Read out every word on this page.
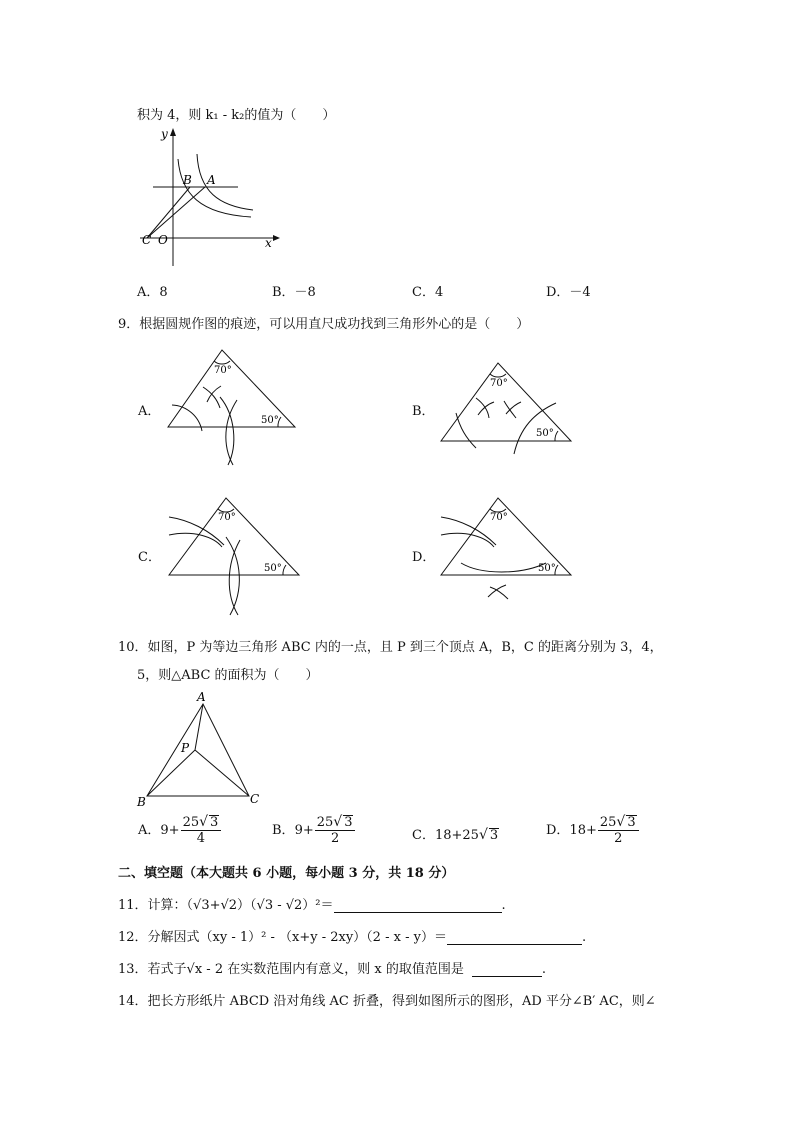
积为 4，则 k₁ - k₂的值为（　　）
y
x
O
C
B A
A．8	B．－8	C．4	D．－4
9．根据圆规作图的痕迹，可以用直尺成功找到三角形外心的是（　　）
A．
70°
50°
B．
70°
50°
C．
70°
50°
D．
70°
50°
10．如图，P 为等边三角形 ABC 内的一点，且 P 到三个顶点 A，B，C 的距离分别为 3，4，
5，则△ABC 的面积为（　　）
A
B	C
P
A．$9+ \frac{25√ 3}{4}$	B．$9+ \frac{25√ 3}{2}$	C．18+25√ 3	D．$18+ \frac{25√ 3}{2}$
二、填空题（本大题共 6 小题，每小题 3 分，共 18 分）
11．计算：（√3+√2）（√3 - √2）²＝	.
12．分解因式（xy - 1）² - （x+y - 2xy）（2 - x - y）＝	.
13．若式子√x - 2 在实数范围内有意义，则 x 的取值范围是	.
14．把长方形纸片 ABCD 沿对角线 AC 折叠，得到如图所示的图形，AD 平分∠B′ AC，则∠
